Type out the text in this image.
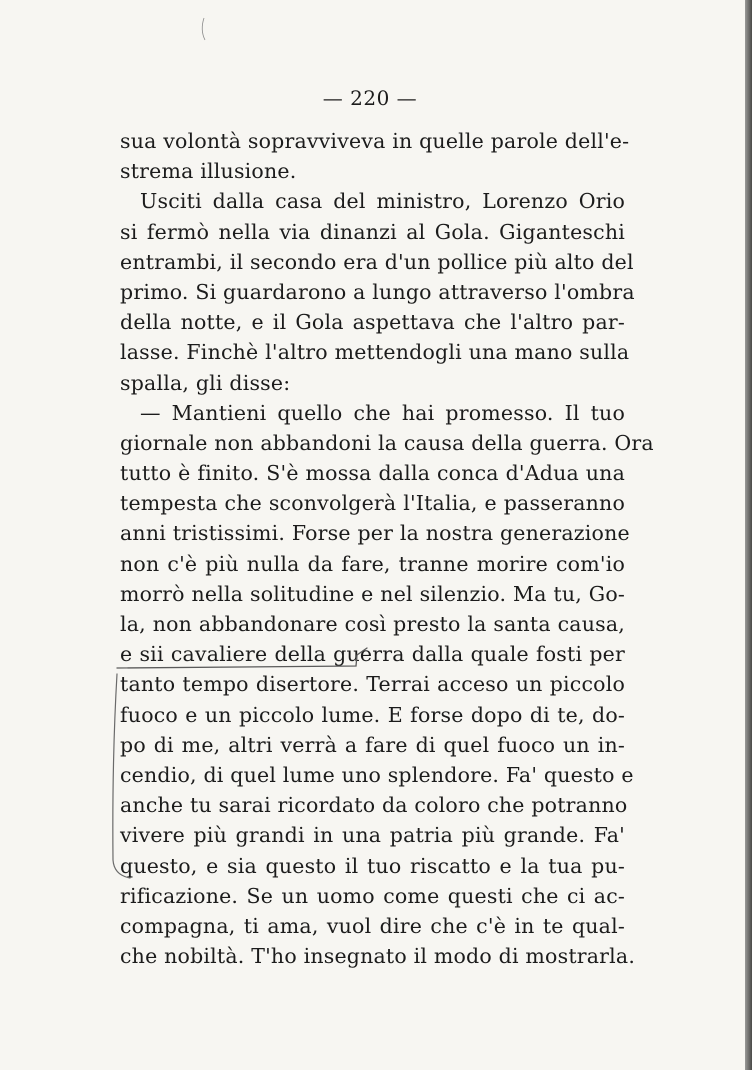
— 220 —
sua volontà sopravviveva in quelle parole dell'e-
strema illusione.
Usciti dalla casa del ministro, Lorenzo Orio
si fermò nella via dinanzi al Gola. Giganteschi
entrambi, il secondo era d'un pollice più alto del
primo. Si guardarono a lungo attraverso l'ombra
della notte, e il Gola aspettava che l'altro par-
lasse. Finchè l'altro mettendogli una mano sulla
spalla, gli disse:
— Mantieni quello che hai promesso. Il tuo
giornale non abbandoni la causa della guerra. Ora
tutto è finito. S'è mossa dalla conca d'Adua una
tempesta che sconvolgerà l'Italia, e passeranno
anni tristissimi. Forse per la nostra generazione
non c'è più nulla da fare, tranne morire com'io
morrò nella solitudine e nel silenzio. Ma tu, Go-
la, non abbandonare così presto la santa causa,
e sii cavaliere della guerra dalla quale fosti per
tanto tempo disertore. Terrai acceso un piccolo
fuoco e un piccolo lume. E forse dopo di te, do-
po di me, altri verrà a fare di quel fuoco un in-
cendio, di quel lume uno splendore. Fa' questo e
anche tu sarai ricordato da coloro che potranno
vivere più grandi in una patria più grande. Fa'
questo, e sia questo il tuo riscatto e la tua pu-
rificazione. Se un uomo come questi che ci ac-
compagna, ti ama, vuol dire che c'è in te qual-
che nobiltà. T'ho insegnato il modo di mostrarla.
